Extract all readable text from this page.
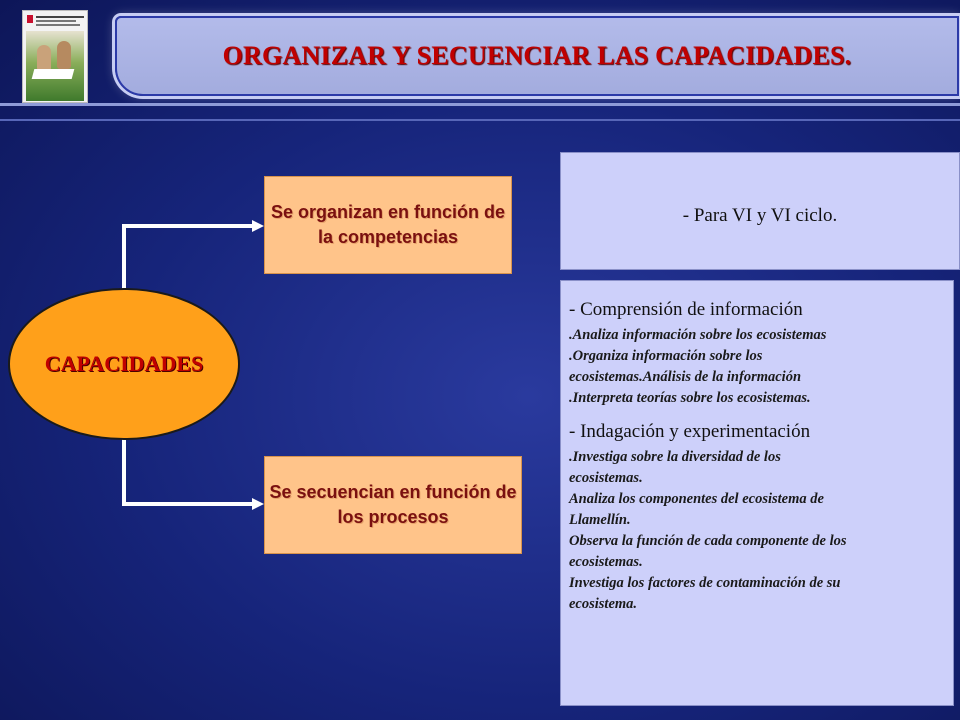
ORGANIZAR Y SECUENCIAR LAS CAPACIDADES.
CAPACIDADES
Se organizan en función de la competencias
Se secuencian en función de los procesos
- Para VI y VI ciclo.
- Comprensión de información
.Analiza información sobre los ecosistemas
.Organiza información sobre los
ecosistemas.Análisis de la información
.Interpreta teorías sobre los ecosistemas.
- Indagación y experimentación
.Investiga sobre la diversidad de los
ecosistemas.
Analiza los componentes del ecosistema de
Llamellín.
Observa la función de cada componente de los
ecosistemas.
Investiga los factores de contaminación de su
ecosistema.
